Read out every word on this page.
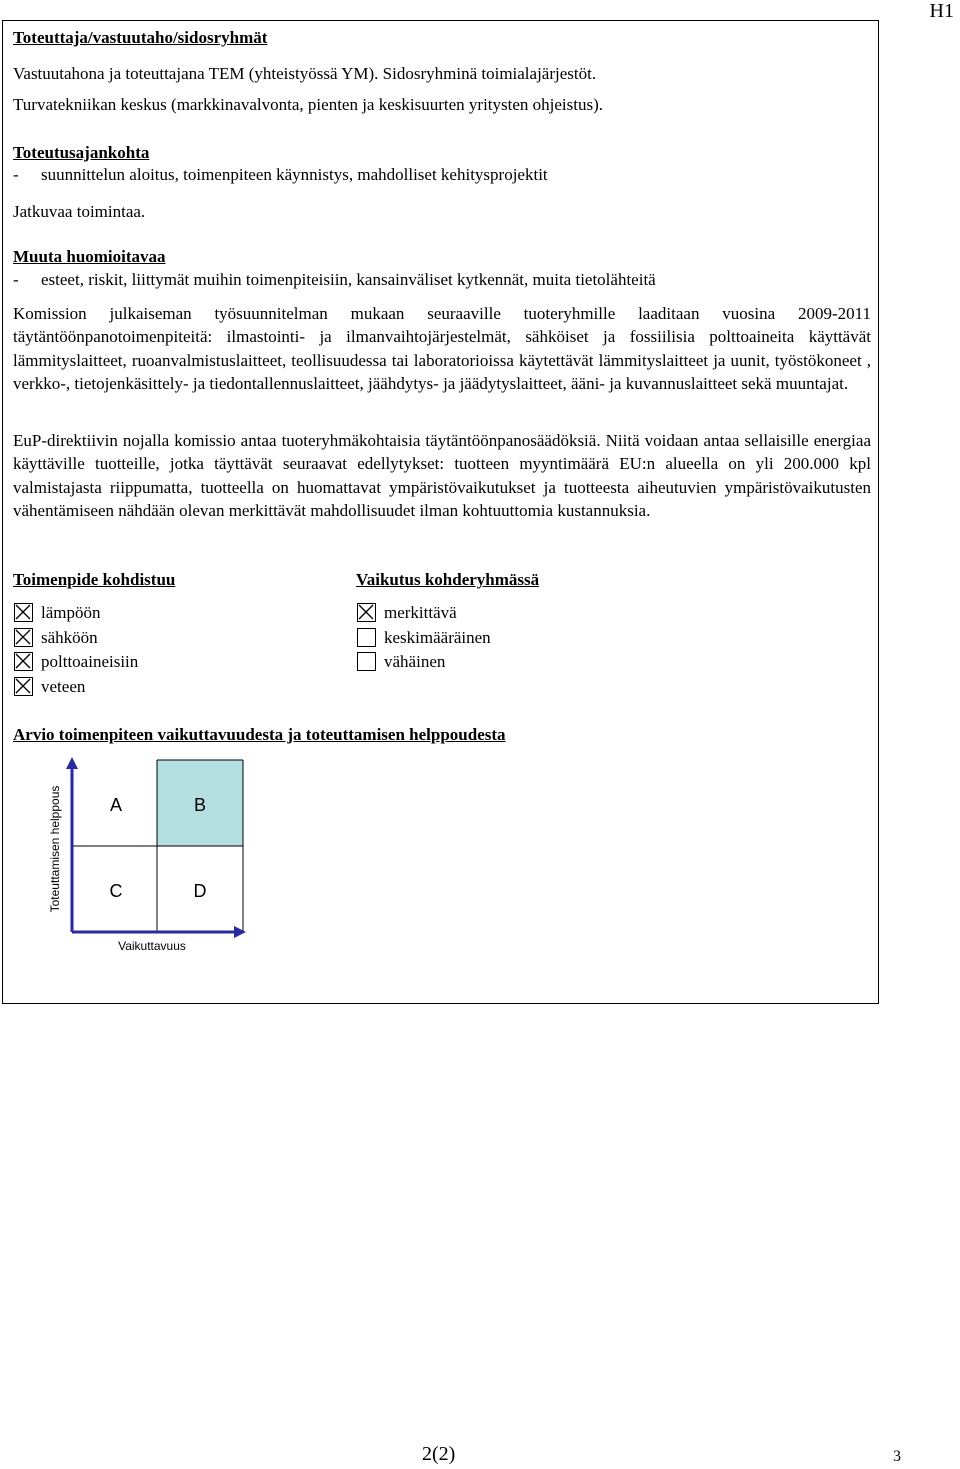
H1
Toteuttaja/vastuutaho/sidosryhmät
Vastuutahona ja toteuttajana TEM (yhteistyössä YM). Sidosryhminä toimialajärjestöt.
Turvatekniikan keskus (markkinavalvonta, pienten ja keskisuurten yritysten ohjeistus).
Toteutusajankohta
- suunnittelun aloitus, toimenpiteen käynnistys, mahdolliset kehitysprojektit
Jatkuvaa toimintaa.
Muuta huomioitavaa
- esteet, riskit, liittymät muihin toimenpiteisiin, kansainväliset kytkennät, muita tietolähteitä
Komission julkaiseman työsuunnitelman mukaan seuraaville tuoteryhmille laaditaan vuosina 2009-2011 täytäntöönpanotoimenpiteitä: ilmastointi- ja ilmanvaihtojärjestelmät, sähköiset ja fossiilisia polttoaineita käyttävät lämmityslaitteet, ruoanvalmistuslaitteet, teollisuudessa tai laboratorioissa käytettävät lämmityslaitteet ja uunit, työstökoneet , verkko-, tietojenkäsittely- ja tiedontallennuslaitteet, jäähdytys- ja jäädytyslaitteet, ääni- ja kuvannuslaitteet sekä muuntajat.
EuP-direktiivin nojalla komissio antaa tuoteryhmäkohtaisia täytäntöönpanosäädöksiä. Niitä voidaan antaa sellaisille energiaa käyttäville tuotteille, jotka täyttävät seuraavat edellytykset: tuotteen myyntimäärä EU:n alueella on yli 200.000 kpl valmistajasta riippumatta, tuotteella on huomattavat ympäristövaikutukset ja tuotteesta aiheutuvien ympäristövaikutusten vähentämiseen nähdään olevan merkittävät mahdollisuudet ilman kohtuuttomia kustannuksia.
Toimenpide kohdistuu
lämpöön
sähköön
polttoaineisiin
veteen
Vaikutus kohderyhmässä
merkittävä
keskimääräinen
vähäinen
Arvio toimenpiteen vaikuttavuudesta ja toteuttamisen helppoudesta
A	B
C	D
Vaikuttavuus
Toteuttamisen helppous
2(2)	3
